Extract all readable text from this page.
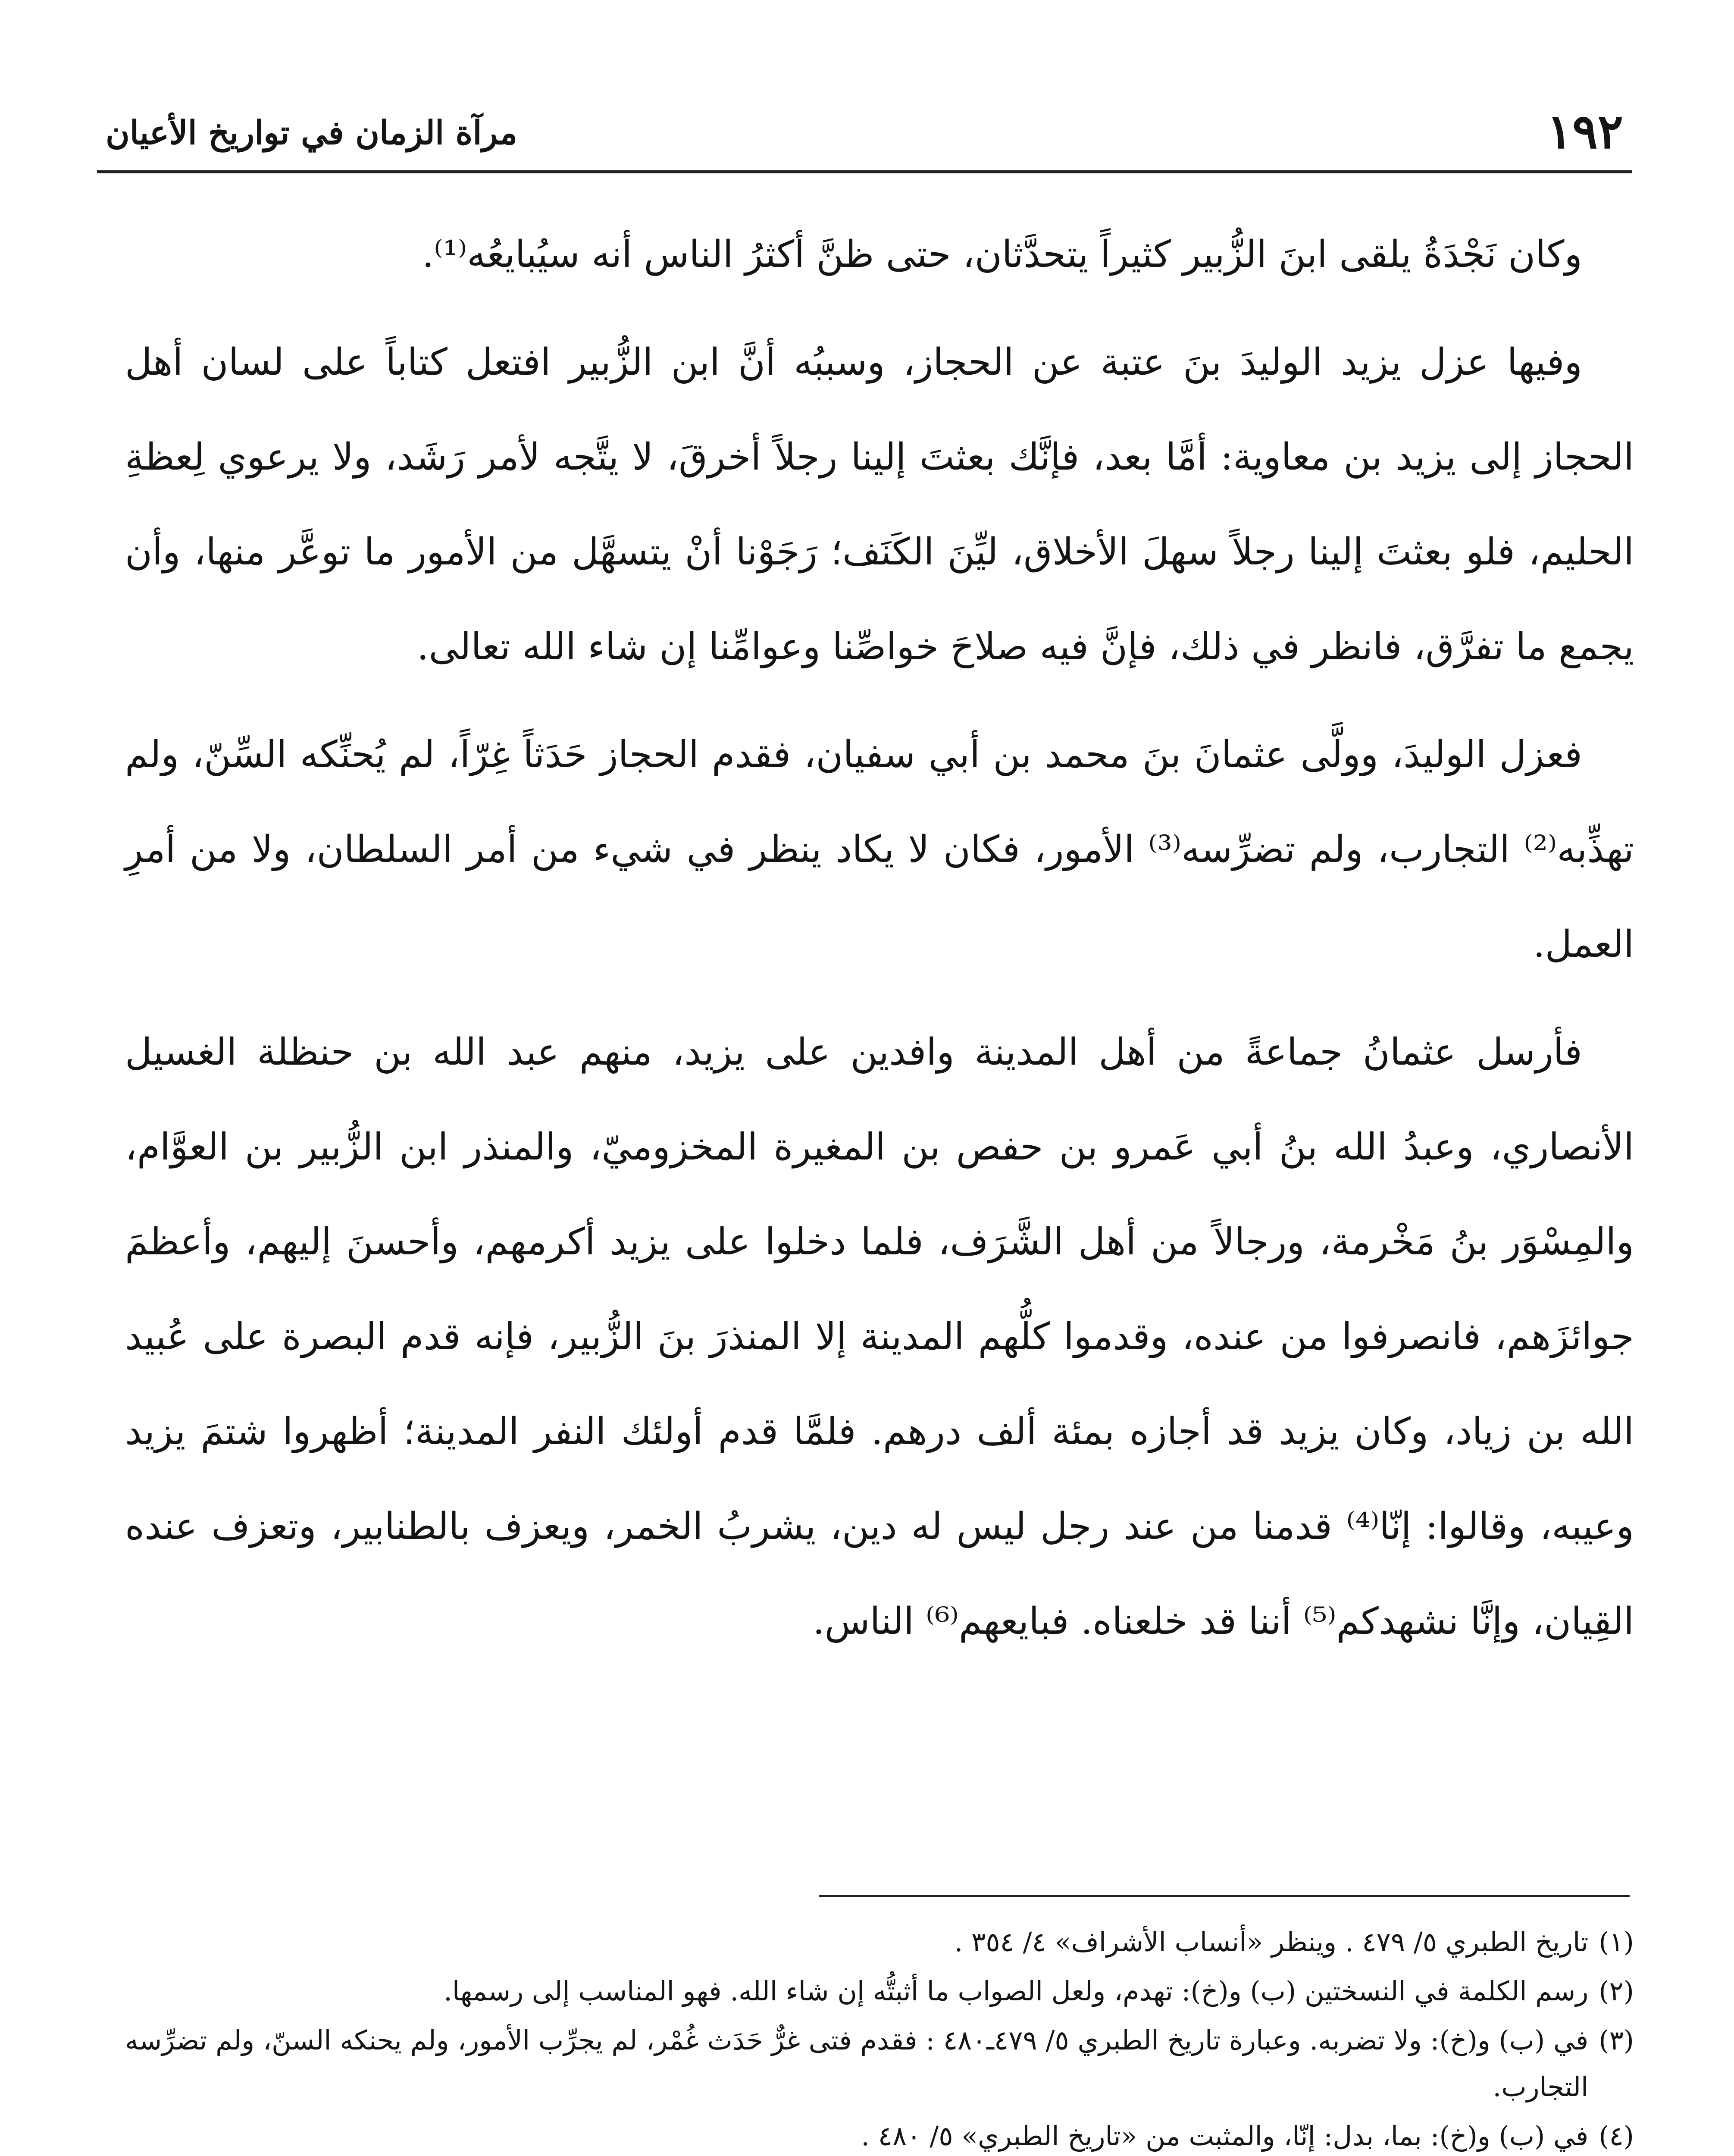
١٩٢
مرآة الزمان في تواريخ الأعيان

وكان نَجْدَةُ يلقى ابنَ الزُّبير كثيراً يتحدَّثان، حتى ظنَّ أكثرُ الناس أنه سيُبايعُه⁽¹⁾.

وفيها عزل يزيد الوليدَ بنَ عتبة عن الحجاز، وسببُه أنَّ ابن الزُّبير افتعل كتاباً على لسان أهل الحجاز إلى يزيد بن معاوية: أمَّا بعد، فإنَّك بعثتَ إلينا رجلاً أخرقَ، لا يتَّجه لأمر رَشَد، ولا يرعوي لِعظةِ الحليم، فلو بعثتَ إلينا رجلاً سهلَ الأخلاق، ليِّنَ الكَنَف؛ رَجَوْنا أنْ يتسهَّل من الأمور ما توعَّر منها، وأن يجمع ما تفرَّق، فانظر في ذلك، فإنَّ فيه صلاحَ خواصِّنا وعوامِّنا إن شاء الله تعالى.

فعزل الوليدَ، وولَّى عثمانَ بنَ محمد بن أبي سفيان، فقدم الحجاز حَدَثاً غِرّاً، لم يُحنِّكه السِّنّ، ولم تهذِّبه⁽²⁾ التجارب، ولم تضرِّسه⁽³⁾ الأمور، فكان لا يكاد ينظر في شيء من أمر السلطان، ولا من أمرِ العمل.

فأرسل عثمانُ جماعةً من أهل المدينة وافدين على يزيد، منهم عبد الله بن حنظلة الغسيل الأنصاري، وعبدُ الله بنُ أبي عَمرو بن حفص بن المغيرة المخزوميّ، والمنذر ابن الزُّبير بن العوَّام، والمِسْوَر بنُ مَخْرمة، ورجالاً من أهل الشَّرَف، فلما دخلوا على يزيد أكرمهم، وأحسنَ إليهم، وأعظمَ جوائزَهم، فانصرفوا من عنده، وقدموا كلُّهم المدينة إلا المنذرَ بنَ الزُّبير، فإنه قدم البصرة على عُبيد الله بن زياد، وكان يزيد قد أجازه بمئة ألف درهم. فلمَّا قدم أولئك النفر المدينة؛ أظهروا شتمَ يزيد وعيبه، وقالوا: إنّا⁽⁴⁾ قدمنا من عند رجل ليس له دين، يشربُ الخمر، ويعزف بالطنابير، وتعزف عنده القِيان، وإنَّا نشهدكم⁽⁵⁾ أننا قد خلعناه. فبايعهم⁽⁶⁾ الناس.

(١)
تاريخ الطبري ٥/ ٤٧٩ . وينظر «أنساب الأشراف» ٤/ ٣٥٤ .
(٢)
رسم الكلمة في النسختين (ب) و(خ): تهدم، ولعل الصواب ما أثبتُّه إن شاء الله. فهو المناسب إلى رسمها.
(٣)
في (ب) و(خ): ولا تضربه. وعبارة تاريخ الطبري ٥/ ٤٧٩ـ٤٨٠ : فقدم فتى غرٌّ حَدَث غُمْر، لم يجرِّب الأمور، ولم يحنكه السنّ، ولم تضرِّسه التجارب.
(٤)
في (ب) و(خ): بما، بدل: إنّا، والمثبت من «تاريخ الطبري» ٥/ ٤٨٠ .
